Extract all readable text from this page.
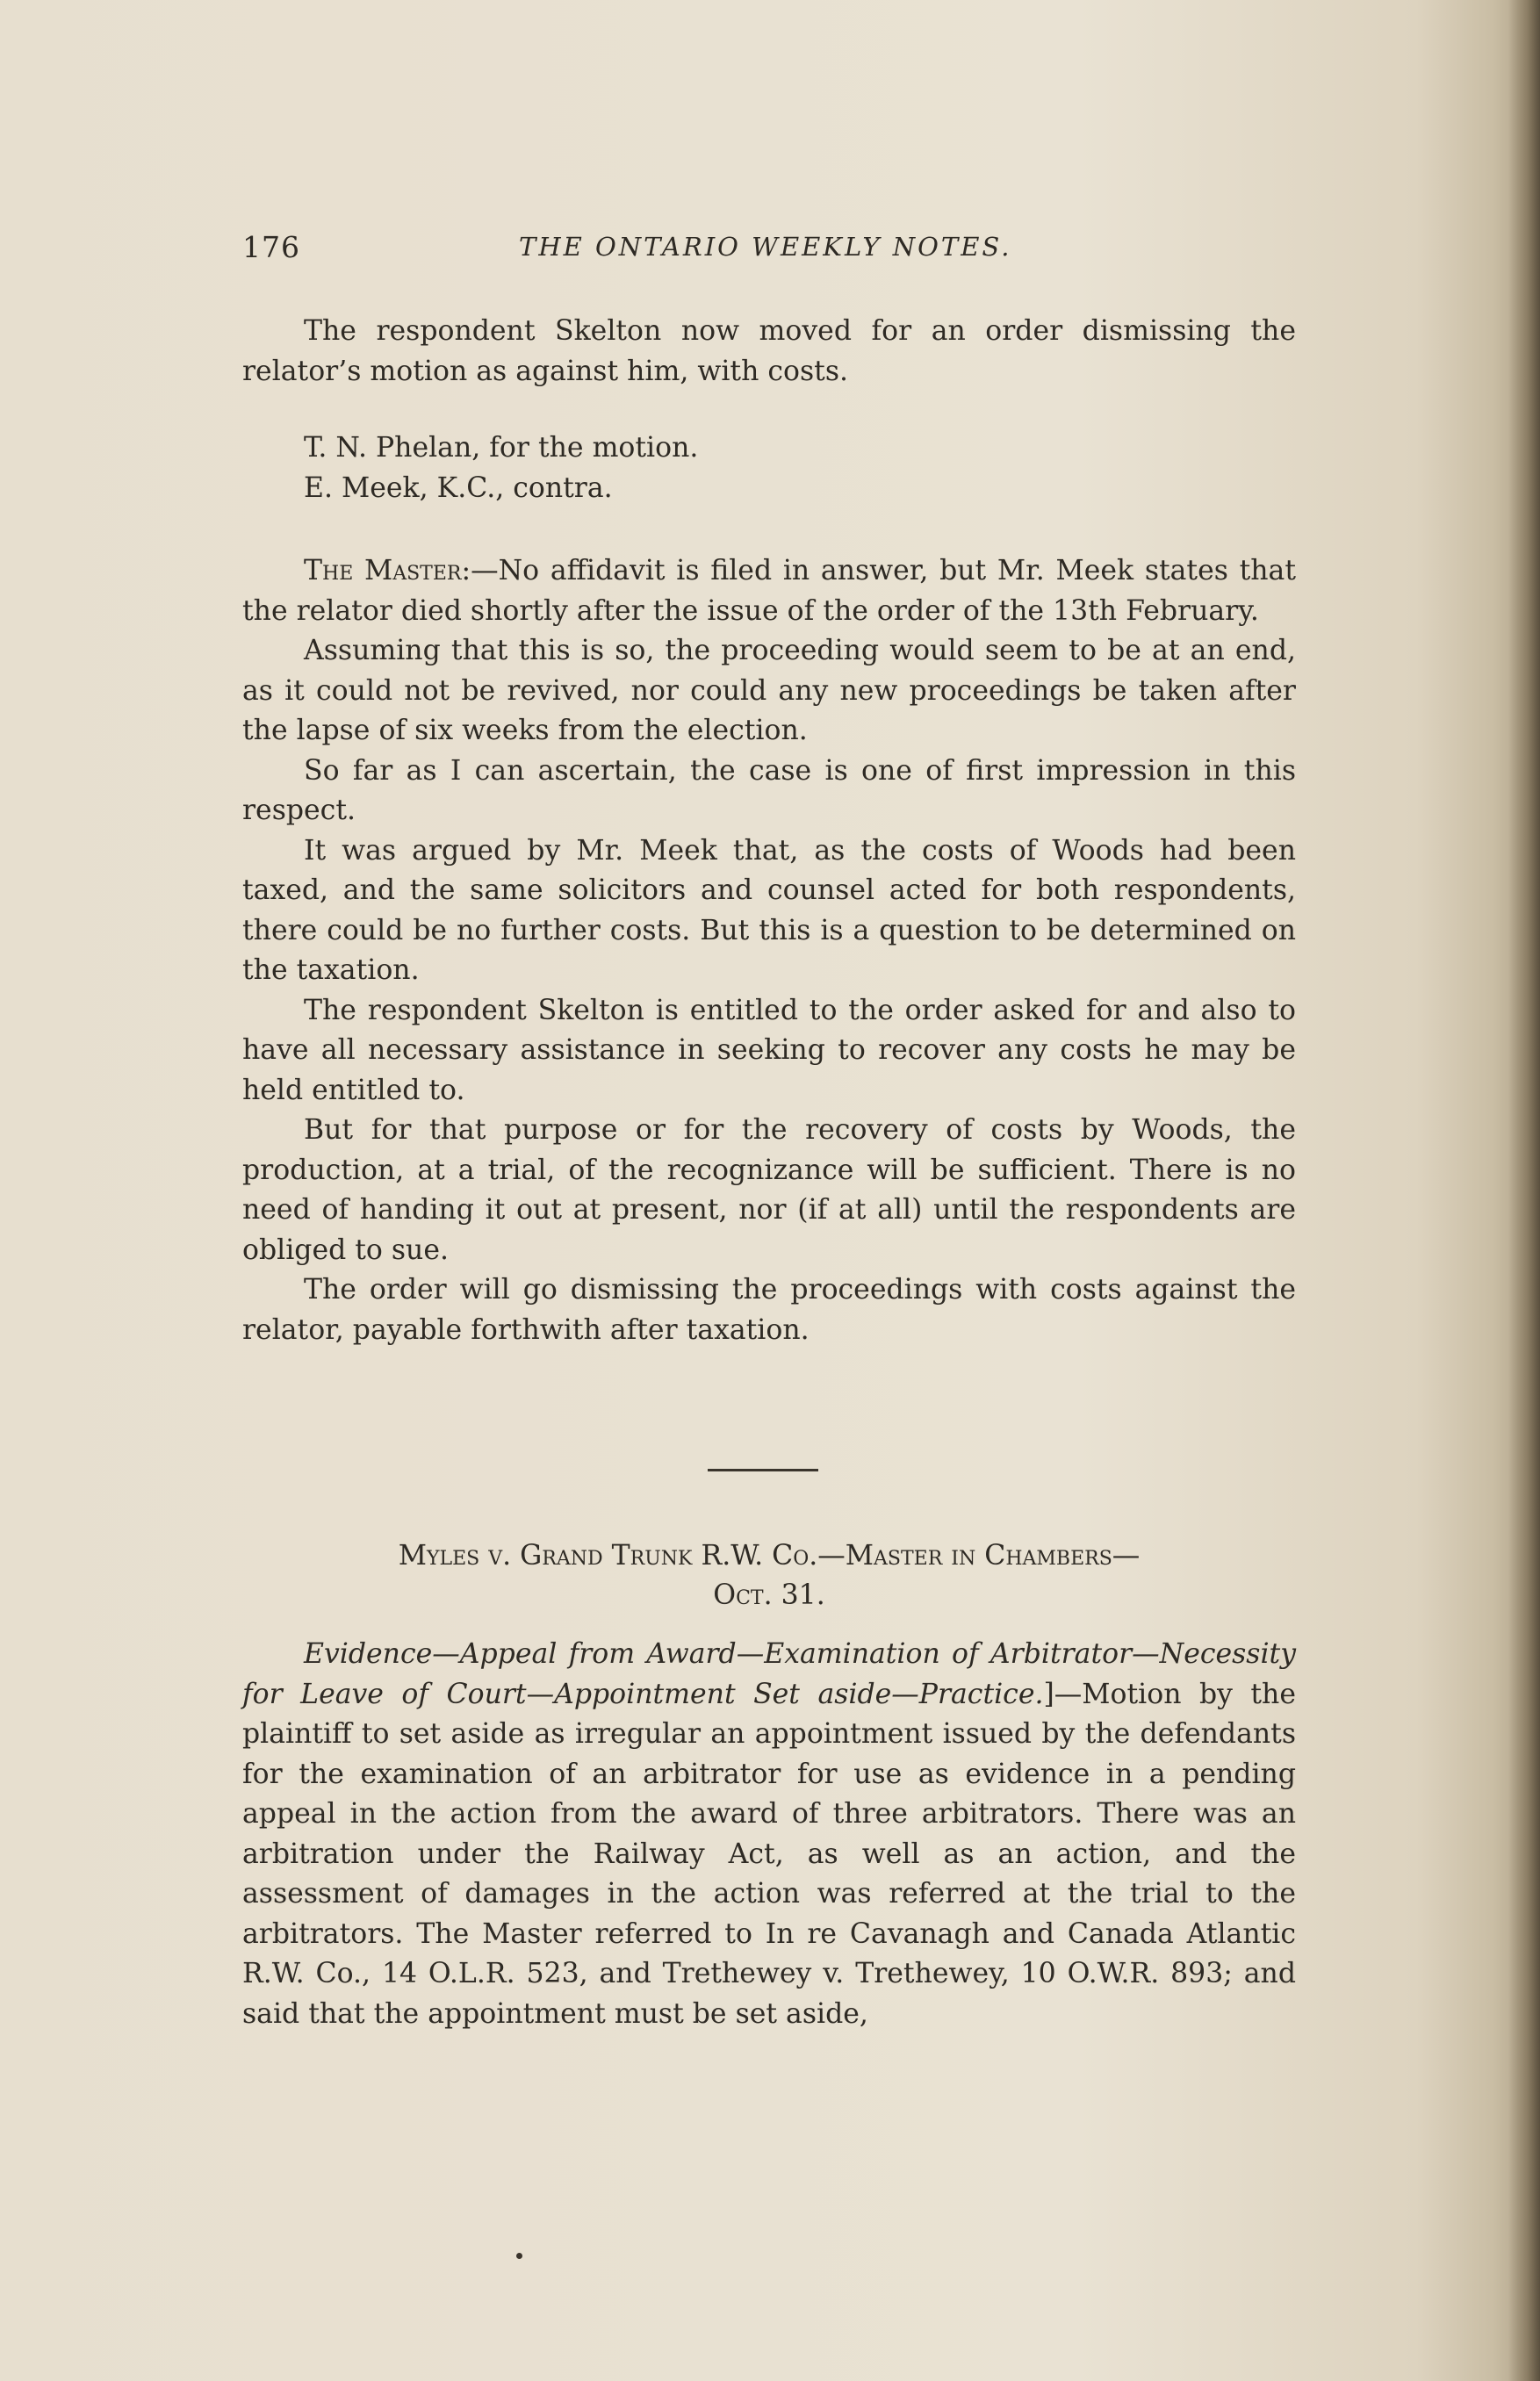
176	THE ONTARIO WEEKLY NOTES.

The respondent Skelton now moved for an order dismissing the relator’s motion as against him, with costs.

T. N. Phelan, for the motion.

E. Meek, K.C., contra.

The Master:—No affidavit is filed in answer, but Mr. Meek states that the relator died shortly after the issue of the order of the 13th February.

Assuming that this is so, the proceeding would seem to be at an end, as it could not be revived, nor could any new proceedings be taken after the lapse of six weeks from the election.

So far as I can ascertain, the case is one of first impression in this respect.

It was argued by Mr. Meek that, as the costs of Woods had been taxed, and the same solicitors and counsel acted for both respondents, there could be no further costs. But this is a question to be determined on the taxation.

The respondent Skelton is entitled to the order asked for and also to have all necessary assistance in seeking to recover any costs he may be held entitled to.

But for that purpose or for the recovery of costs by Woods, the production, at a trial, of the recognizance will be sufficient. There is no need of handing it out at present, nor (if at all) until the respondents are obliged to sue.

The order will go dismissing the proceedings with costs against the relator, payable forthwith after taxation.

Myles v. Grand Trunk R.W. Co.—Master in Chambers—
Oct. 31.

Evidence—Appeal from Award—Examination of Arbitrator—Necessity for Leave of Court—Appointment Set aside—Practice.]—Motion by the plaintiff to set aside as irregular an appointment issued by the defendants for the examination of an arbitrator for use as evidence in a pending appeal in the action from the award of three arbitrators. There was an arbitration under the Railway Act, as well as an action, and the assessment of damages in the action was referred at the trial to the arbitrators. The Master referred to In re Cavanagh and Canada Atlantic R.W. Co., 14 O.L.R. 523, and Trethewey v. Trethewey, 10 O.W.R. 893; and said that the appointment must be set aside,
